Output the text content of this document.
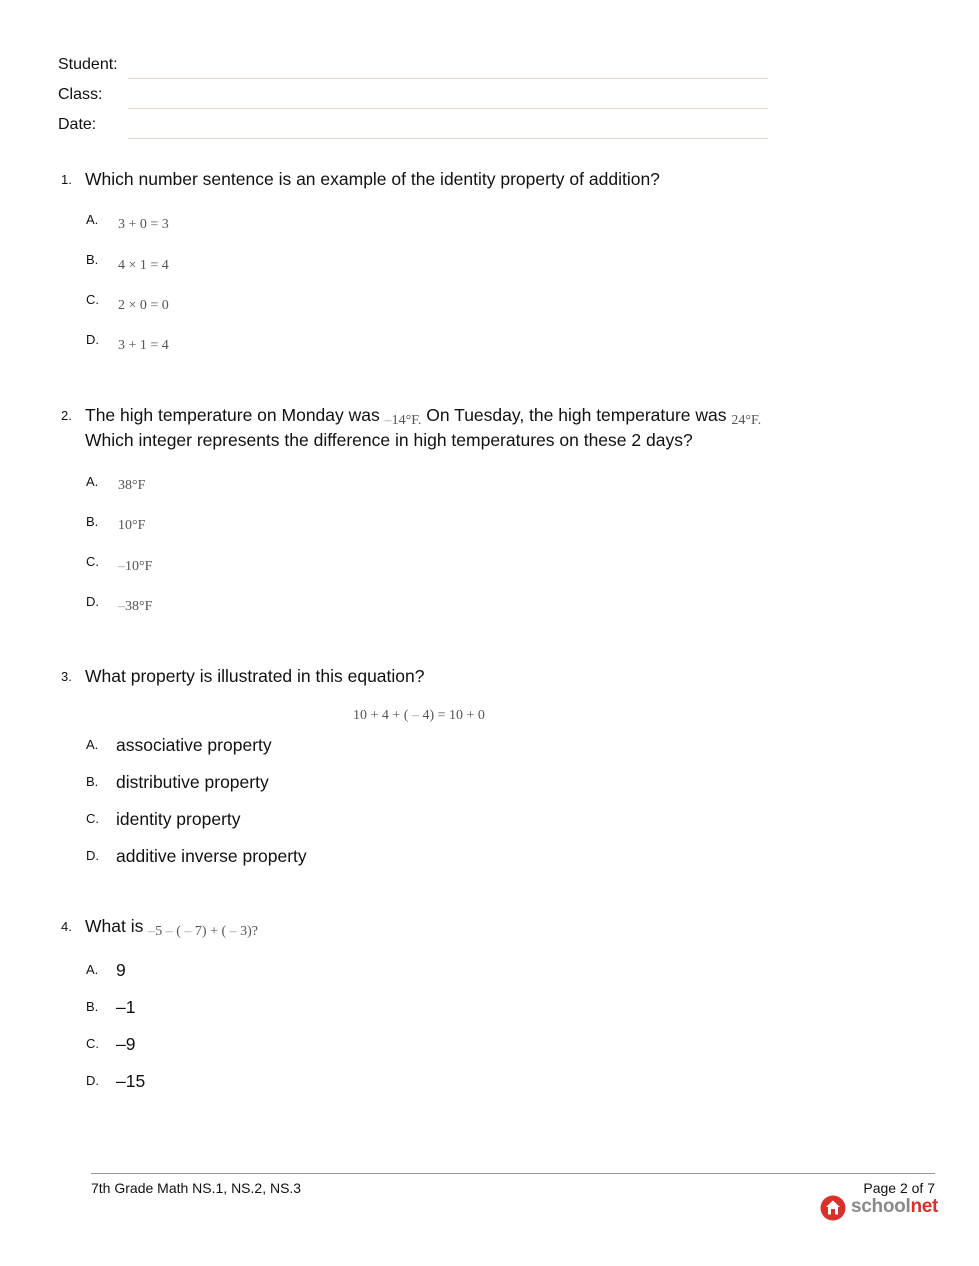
Student:
Class:
Date:
1. Which number sentence is an example of the identity property of addition?
A. 3 + 0 = 3
B. 4 × 1 = 4
C. 2 × 0 = 0
D. 3 + 1 = 4
2. The high temperature on Monday was –14°F. On Tuesday, the high temperature was 24°F.
Which integer represents the difference in high temperatures on these 2 days?
A. 38°F
B. 10°F
C. –10°F
D. –38°F
3. What property is illustrated in this equation?
10 + 4 + ( – 4) = 10 + 0
A. associative property
B. distributive property
C. identity property
D. additive inverse property
4. What is –5 – ( – 7) + ( – 3)?
A. 9
B. –1
C. –9
D. –15
7th Grade Math NS.1, NS.2, NS.3	Page 2 of 7
schoolnet
